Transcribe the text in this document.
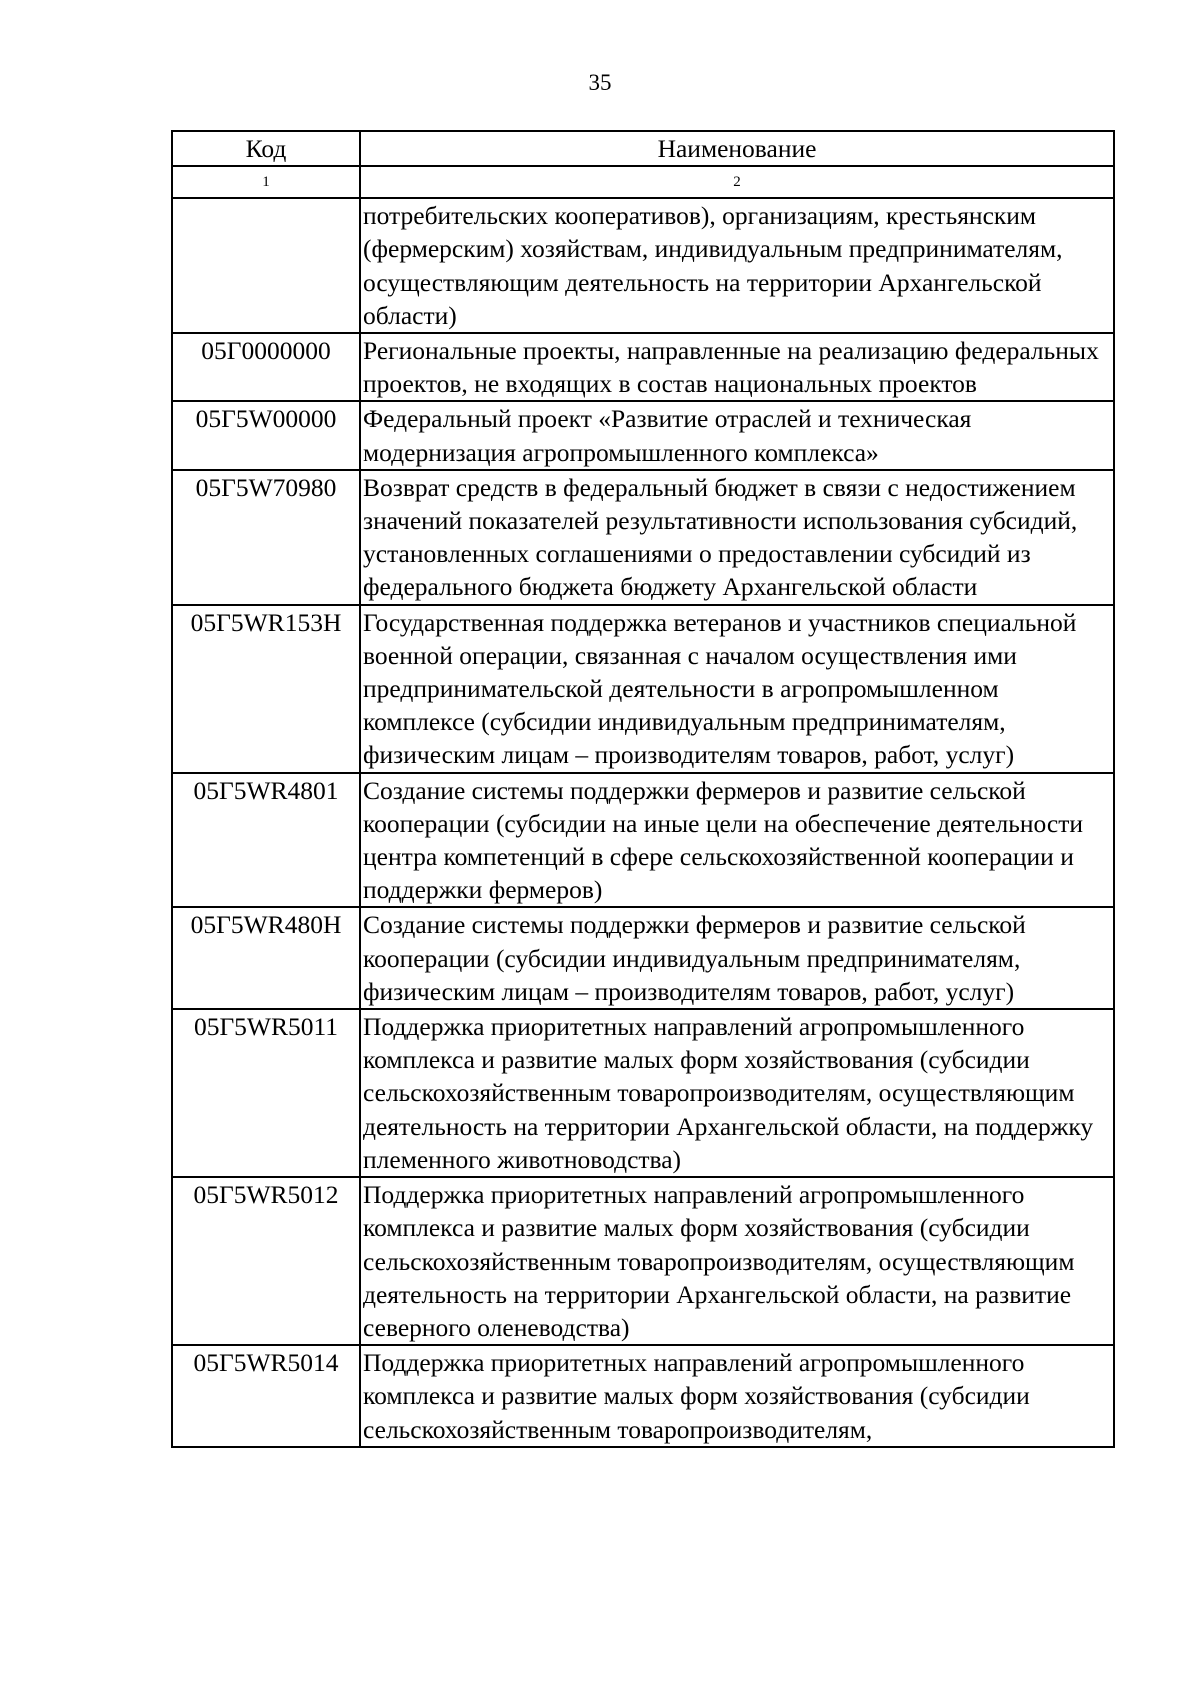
35
Код	Наименование
1	2
	потребительских кооперативов), организациям, крестьянским (фермерским) хозяйствам, индивидуальным предпринимателям, осуществляющим деятельность на территории Архангельской области)
05Г0000000	Региональные проекты, направленные на реализацию федеральных проектов, не входящих в состав национальных проектов
05Г5W00000	Федеральный проект «Развитие отраслей и техническая модернизация агропромышленного комплекса»
05Г5W70980	Возврат средств в федеральный бюджет в связи с недостижением значений показателей результативности использования субсидий, установленных соглашениями о предоставлении субсидий из федерального бюджета бюджету Архангельской области
05Г5WR153Н	Государственная поддержка ветеранов и участников специальной военной операции, связанная с началом осуществления ими предпринимательской деятельности в агропромышленном комплексе (субсидии индивидуальным предпринимателям, физическим лицам – производителям товаров, работ, услуг)
05Г5WR4801	Создание системы поддержки фермеров и развитие сельской кооперации (субсидии на иные цели на обеспечение деятельности центра компетенций в сфере сельскохозяйственной кооперации и поддержки фермеров)
05Г5WR480Н	Создание системы поддержки фермеров и развитие сельской кооперации (субсидии индивидуальным предпринимателям, физическим лицам – производителям товаров, работ, услуг)
05Г5WR5011	Поддержка приоритетных направлений агропромышленного комплекса и развитие малых форм хозяйствования (субсидии сельскохозяйственным товаропроизводителям, осуществляющим деятельность на территории Архангельской области, на поддержку племенного животноводства)
05Г5WR5012	Поддержка приоритетных направлений агропромышленного комплекса и развитие малых форм хозяйствования (субсидии сельскохозяйственным товаропроизводителям, осуществляющим деятельность на территории Архангельской области, на развитие северного оленеводства)
05Г5WR5014	Поддержка приоритетных направлений агропромышленного комплекса и развитие малых форм хозяйствования (субсидии сельскохозяйственным товаропроизводителям,
